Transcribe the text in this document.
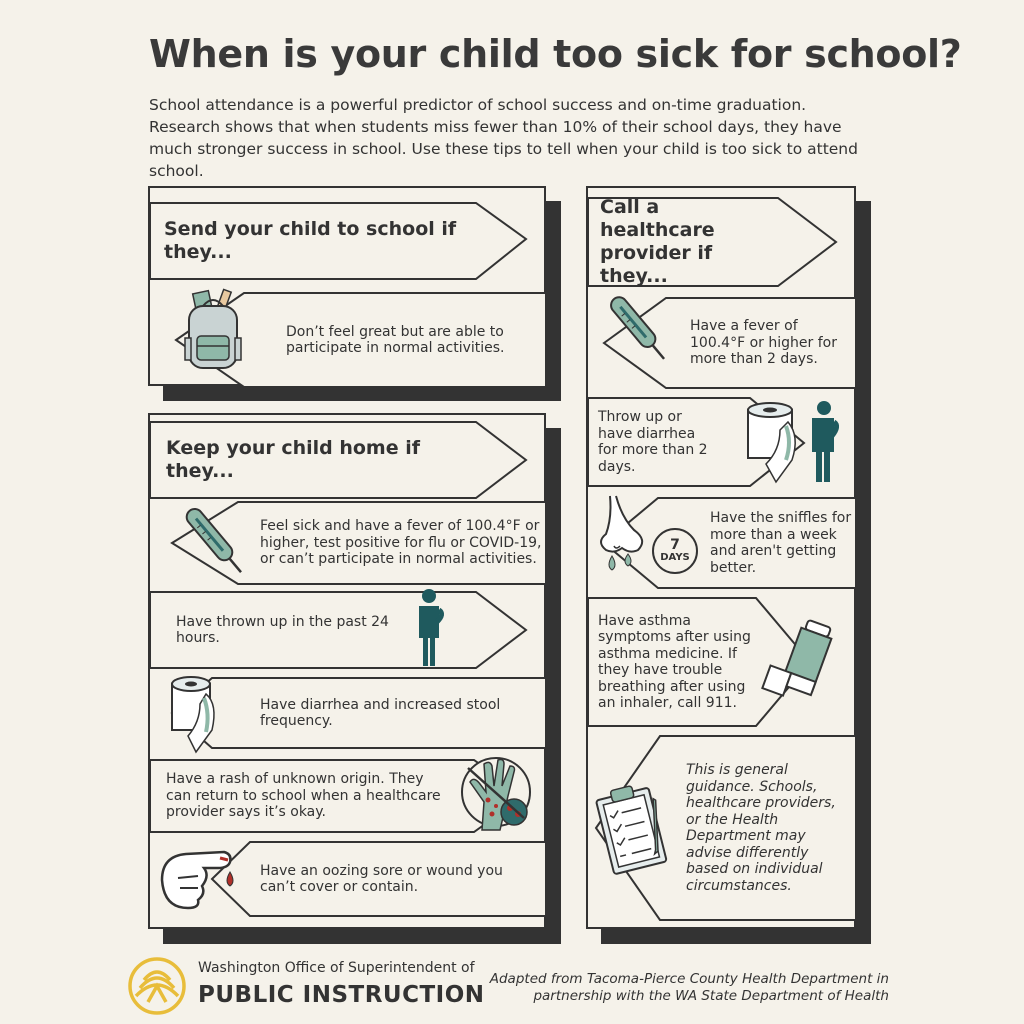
When is your child too sick for school?

School attendance is a powerful predictor of school success and on-time graduation. Research shows that when students miss fewer than 10% of their school days, they have much stronger success in school. Use these tips to tell when your child is too sick to attend school.

Send your child to school if they...
Don’t feel great but are able to participate in normal activities.
Keep your child home if they...
Feel sick and have a fever of 100.4°F or higher, test positive for flu or COVID-19, or can’t participate in normal activities.
Have thrown up in the past 24 hours.
Have diarrhea and increased stool frequency.
Have a rash of unknown origin. They can return to school when a healthcare provider says it’s okay.
Have an oozing sore or wound you can’t cover or contain.
Call a healthcare provider if they...
Have a fever of 100.4°F or higher for more than 2 days.
Throw up or have diarrhea for more than 2 days.
Have the sniffles for more than a week and aren't getting better.
7
DAYS
Have asthma symptoms after using asthma medicine. If they have trouble breathing after using an inhaler, call 911.
This is general guidance. Schools, healthcare providers, or the Health Department may advise differently based on individual circumstances.
Washington Office of Superintendent of
PUBLIC INSTRUCTION
Adapted from Tacoma-Pierce County Health Department in
partnership with the WA State Department of Health
